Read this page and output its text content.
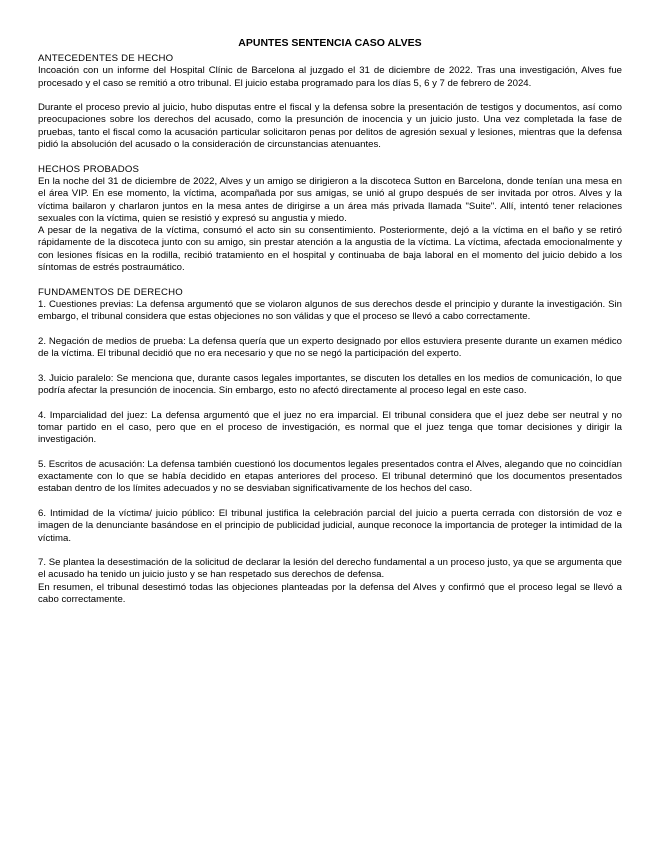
APUNTES SENTENCIA CASO ALVES
ANTECEDENTES DE HECHO

Incoación con un informe del Hospital Clínic de Barcelona al juzgado el 31 de diciembre de 2022. Tras una investigación, Alves fue procesado y el caso se remitió a otro tribunal. El juicio estaba programado para los días 5, 6 y 7 de febrero de 2024.

Durante el proceso previo al juicio, hubo disputas entre el fiscal y la defensa sobre la presentación de testigos y documentos, así como preocupaciones sobre los derechos del acusado, como la presunción de inocencia y un juicio justo. Una vez completada la fase de pruebas, tanto el fiscal como la acusación particular solicitaron penas por delitos de agresión sexual y lesiones, mientras que la defensa pidió la absolución del acusado o la consideración de circunstancias atenuantes.

HECHOS PROBADOS

En la noche del 31 de diciembre de 2022, Alves y un amigo se dirigieron a la discoteca Sutton en Barcelona, donde tenían una mesa en el área VIP. En ese momento, la víctima, acompañada por sus amigas, se unió al grupo después de ser invitada por otros. Alves y la víctima bailaron y charlaron juntos en la mesa antes de dirigirse a un área más privada llamada "Suite". Allí, intentó tener relaciones sexuales con la víctima, quien se resistió y expresó su angustia y miedo.

A pesar de la negativa de la víctima, consumó el acto sin su consentimiento. Posteriormente, dejó a la víctima en el baño y se retiró rápidamente de la discoteca junto con su amigo, sin prestar atención a la angustia de la víctima. La víctima, afectada emocionalmente y con lesiones físicas en la rodilla, recibió tratamiento en el hospital y continuaba de baja laboral en el momento del juicio debido a los síntomas de estrés postraumático.

FUNDAMENTOS DE DERECHO

1. Cuestiones previas: La defensa argumentó que se violaron algunos de sus derechos desde el principio y durante la investigación. Sin embargo, el tribunal considera que estas objeciones no son válidas y que el proceso se llevó a cabo correctamente.

2. Negación de medios de prueba: La defensa quería que un experto designado por ellos estuviera presente durante un examen médico de la víctima. El tribunal decidió que no era necesario y que no se negó la participación del experto.

3. Juicio paralelo: Se menciona que, durante casos legales importantes, se discuten los detalles en los medios de comunicación, lo que podría afectar la presunción de inocencia. Sin embargo, esto no afectó directamente al proceso legal en este caso.

4. Imparcialidad del juez: La defensa argumentó que el juez no era imparcial. El tribunal considera que el juez debe ser neutral y no tomar partido en el caso, pero que en el proceso de investigación, es normal que el juez tenga que tomar decisiones y dirigir la investigación.

5. Escritos de acusación: La defensa también cuestionó los documentos legales presentados contra el Alves, alegando que no coincidían exactamente con lo que se había decidido en etapas anteriores del proceso. El tribunal determinó que los documentos presentados estaban dentro de los límites adecuados y no se desviaban significativamente de los hechos del caso.

6. Intimidad de la víctima/ juicio público: El tribunal justifica la celebración parcial del juicio a puerta cerrada con distorsión de voz e imagen de la denunciante basándose en el principio de publicidad judicial, aunque reconoce la importancia de proteger la intimidad de la víctima.

7. Se plantea la desestimación de la solicitud de declarar la lesión del derecho fundamental a un proceso justo, ya que se argumenta que el acusado ha tenido un juicio justo y se han respetado sus derechos de defensa.

En resumen, el tribunal desestimó todas las objeciones planteadas por la defensa del Alves y confirmó que el proceso legal se llevó a cabo correctamente.
